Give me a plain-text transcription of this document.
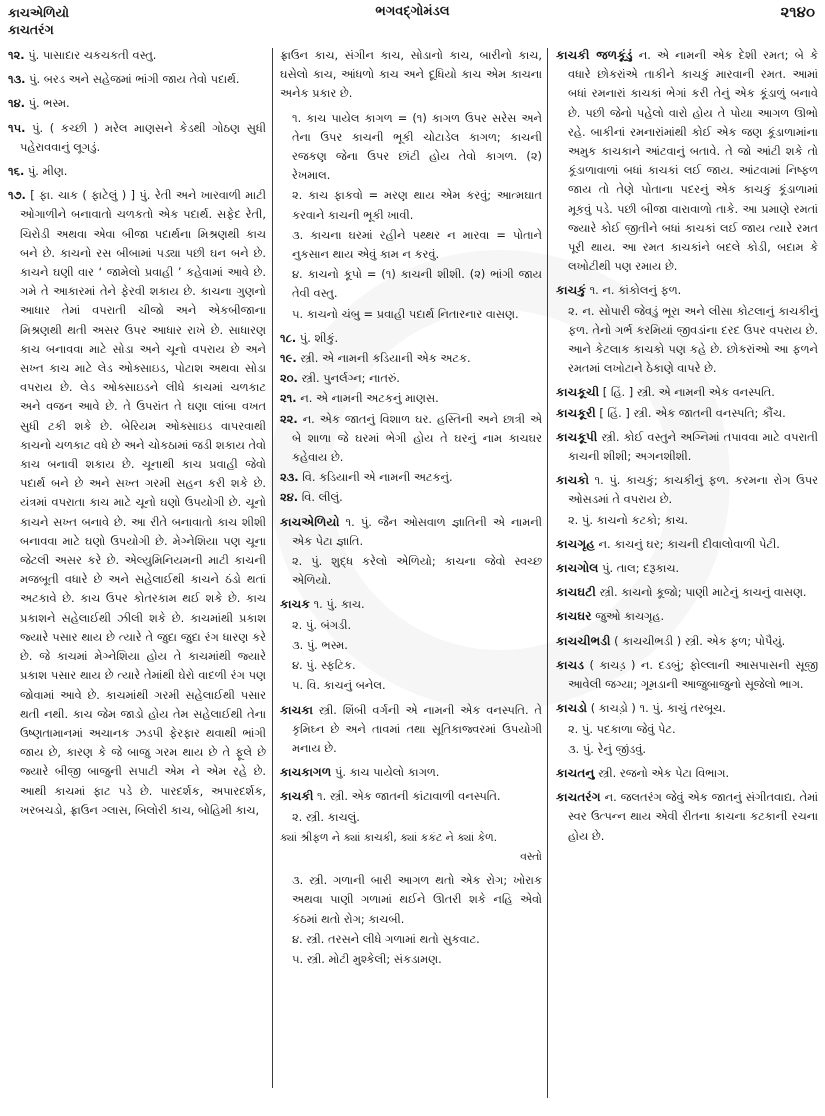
કાચએળિયો
કાચતરંગ
ભગવદ્ગોમંડલ	૨૧૪૦

૧૨. પું. પાસાદાર ચકચકતી વસ્તુ.

૧૩. પું. બરડ અને સહેજમાં ભાંગી જાય તેવો પદાર્થ.

૧૪. પું. ભસ્મ.

૧૫. પું. ( કચ્છી ) મરેલ માણસને કેડથી ગોઠણ સુધી પહેરાવવાનું લૂગડું.

૧૬. પું. મીણ.

૧૭. [ ફા. ચાક ( ફાટેલું ) ] પું. રેતી અને ખારવાળી માટી ઓગાળીને બનાવાતો ચળકતો એક પદાર્થ. સફેદ રેતી, ચિરોડી અથવા એવા બીજા પદાર્થના મિશ્રણથી કાચ બને છે. કાચનો રસ બીબામાં પડ્યા પછી ઘન બને છે. કાચને ઘણી વાર ‘ જામેલો પ્રવાહી ’ કહેવામાં આવે છે. ગમે તે આકારમાં તેને ફેરવી શકાય છે. કાચના ગુણનો આધાર તેમાં વપરાતી ચીજો અને એકબીજાના મિશ્રણથી થતી અસર ઉપર આધાર રાખે છે. સાધારણ કાચ બનાવવા માટે સોડા અને ચૂનો વપરાય છે અને સખ્ત કાચ માટે લેડ ઓક્સાઇડ, પોટાશ અથવા સોડા વપરાય છે. લેડ ઓક્સાઇડને લીધે કાચમાં ચળકાટ અને વજન આવે છે. તે ઉપરાંત તે ઘણા લાંબા વખત સુધી ટકી શકે છે. બેરિયમ ઓક્સાઇડ વાપરવાથી કાચનો ચળકાટ વધે છે અને ચોકઠામાં જડી શકાય તેવો કાચ બનાવી શકાય છે. ચૂનાથી કાચ પ્રવાહી જેવો પદાર્થ બને છે અને સખ્ત ગરમી સહન કરી શકે છે. યંત્રમાં વપરાતા કાચ માટે ચૂનો ઘણો ઉપયોગી છે. ચૂનો કાચને સખ્ત બનાવે છે. આ રીતે બનાવાતો કાચ શીશી બનાવવા માટે ઘણો ઉપયોગી છે. મેગ્નેશિયા પણ ચૂના જેટલી અસર કરે છે. એલ્યુમિનિયમની માટી કાચની મજબૂતી વધારે છે અને સહેલાઈથી કાચને ઠંડો થતાં અટકાવે છે. કાચ ઉપર કોતરકામ થઈ શકે છે. કાચ પ્રકાશને સહેલાઈથી ઝીલી શકે છે. કાચમાંથી પ્રકાશ જ્યારે પસાર થાય છે ત્યારે તે જુદા જુદા રંગ ધારણ કરે છે. જે કાચમાં મેગ્નેશિયા હોય તે કાચમાંથી જ્યારે પ્રકાશ પસાર થાય છે ત્યારે તેમાંથી ઘેરો વાદળી રંગ પણ જોવામાં આવે છે. કાચમાંથી ગરમી સહેલાઈથી પસાર થતી નથી. કાચ જેમ જાડો હોય તેમ સહેલાઈથી તેના ઉષ્ણતામાનમાં અચાનક ઝડપી ફેરફાર થવાથી ભાંગી જાય છે, કારણ કે જે બાજુ ગરમ થાય છે તે ફૂલે છે જ્યારે બીજી બાજુની સપાટી એમ ને એમ રહે છે. આથી કાચમાં ફાટ પડે છે. પારદર્શક, અપારદર્શક, ખરબચડો, ફ્રાઉન ગ્લાસ, બિલોરી કાચ, બોહિમી કાચ,

ફ્રાઉન કાચ, સંગીન કાચ, સોડાનો કાચ, બારીનો કાચ, ઘસેલો કાચ, આંધળો કાચ અને દૂધિયો કાચ એમ કાચના અનેક પ્રકાર છે.

૧. કાચ પાયેલ કાગળ = (૧) કાગળ ઉપર સરેસ અને તેના ઉપર કાચની ભૂકી ચોટાડેલ કાગળ; કાચની રજકણ જેના ઉપર છાંટી હોય તેવો કાગળ. (૨) રેખમાલ.

૨. કાચ ફાકવો = મરણ થાય એમ કરવું; આત્મઘાત કરવાને કાચની ભૂકી ખાવી.

૩. કાચના ઘરમાં રહીને પથ્થર ન મારવા = પોતાને નુકસાન થાય એવું કામ ન કરવું.

૪. કાચનો કૂપો = (૧) કાચની શીશી. (૨) ભાંગી જાય તેવી વસ્તુ.

૫. કાચનો ચંબુ = પ્રવાહી પદાર્થ નિતારનાર વાસણ.

૧૮. પું. શીકું.

૧૯. સ્ત્રી. એ નામની કડિયાની એક અટક.

૨૦. સ્ત્રી. પુનર્લગ્ન; નાતરું.

૨૧. ન. એ નામની અટકનું માણસ.

૨૨. ન. એક જાતનું વિશાળ ઘર. હસ્તિની અને છાત્રી એ બે શાળા જે ઘરમાં ભેગી હોય તે ઘરનું નામ કાચઘર કહેવાય છે.

૨૩. વિ. કડિયાની એ નામની અટકનું.

૨૪. વિ. લીલું.

કાચએળિયો ૧. પું. જૈન ઓસવાળ જ્ઞાતિની એ નામની એક પેટા જ્ઞાતિ.

૨. પું. શુદ્ધ કરેલો એળિયો; કાચના જેવો સ્વચ્છ એળિયો.

કાચક ૧. પું. કાચ.

૨. પું. બંગડી.

૩. પું. ભસ્મ.

૪. પું. સ્ફટિક.

૫. વિ. કાચનું બનેલ.

કાચકા સ્ત્રી. શિંબી વર્ગની એ નામની એક વનસ્પતિ. તે કૃમિઘ્ન છે અને તાવમાં તથા સૂતિકાજ્વરમાં ઉપયોગી મનાય છે.

કાચકાગળ પું. કાચ પાયેલો કાગળ.

કાચકી ૧. સ્ત્રી. એક જાતની કાંટાવાળી વનસ્પતિ.

૨. સ્ત્રી. કાચલું.

ક્યાં શ્રીફળ ને ક્યાં કાચકી, ક્યાં કકંટ ને ક્યાં કેળ.

વસ્તો

૩. સ્ત્રી. ગળાની બારી આગળ થતો એક રોગ; ખોરાક અથવા પાણી ગળામાં થઈને ઊતરી શકે નહિ એવો કંઠમાં થતો રોગ; કાચબી.

૪. સ્ત્રી. તરસને લીધે ગળામાં થતો સુકવાટ.

૫. સ્ત્રી. મોટી મુશ્કેલી; સંકડામણ.

કાચકી જળકૂંડું ન. એ નામની એક દેશી રમત; બે કે વધારે છોકરાંએ તાકીને કાચકું મારવાની રમત. આમાં બધાં રમનારાં કાચકાં ભેગાં કરી તેનું એક કૂંડાળું બનાવે છે. પછી જેનો પહેલો વારો હોય તે પોયા આગળ ઊભો રહે. બાકીનાં રમનારાંમાંથી કોઈ એક જણ કૂંડાળામાંના અમુક કાચકાને આંટવાનું બતાવે. તે જો આંટી શકે તો કૂંડાળાવાળાં બધાં કાચકાં લઈ જાય. આંટવામાં નિષ્ફળ જાય તો તેણે પોતાના પદરનું એક કાચકું કૂંડાળામાં મૂકવું પડે. પછી બીજા વારાવાળો તાકે. આ પ્રમાણે રમતાં જ્યારે કોઈ જીતીને બધાં કાચકાં લઈ જાય ત્યારે રમત પૂરી થાય. આ રમત કાચકાંને બદલે કોડી, બદામ કે લખોટીથી પણ રમાય છે.

કાચકું ૧. ન. કાંકોલનું ફળ.

૨. ન. સોપારી જેવડું ભૂરા અને લીસા કોટલાનું કાચકીનું ફળ. તેનો ગર્ભ કરમિયાં જીવડાંના દરદ ઉપર વપરાય છે. આને કેટલાક કાચકો પણ કહે છે. છોકરાંઓ આ ફળને રમતમાં લખોટાને ઠેકાણે વાપરે છે.

કાચકૂચી [ હિં. ] સ્ત્રી. એ નામની એક વનસ્પતિ.

કાચકૂરી [ હિં. ] સ્ત્રી. એક જાતની વનસ્પતિ; કૌંચ.

કાચકૂપી સ્ત્રી. કોઈ વસ્તુને અગ્નિમાં તપાવવા માટે વપરાતી કાચની શીશી; અગનશીશી.

કાચકો ૧. પું. કાચકું; કાચકીનું ફળ. કરમના રોગ ઉપર ઓસડમાં તે વપરાય છે.

૨. પું. કાચનો કટકો; કાચ.

કાચગૃહ ન. કાચનું ઘર; કાચની દીવાલોવાળી પેટી.

કાચગોલ પું. તાલ; દરૂકાચ.

કાચઘટી સ્ત્રી. કાચનો કૂજો; પાણી માટેનું કાચનું વાસણ.

કાચઘર જુઓ કાચગૃહ.

કાચચીભડી ( કાચચીભડી ) સ્ત્રી. એક ફળ; પોપૈયું.

કાચડ ( કાચડ઼ ) ન. દડબું; ફોલ્લાની આસપાસની સૂજી આવેલી જગ્યા; ગૂમડાની આજુબાજુનો સૂજેલો ભાગ.

કાચડો ( કાચડ઼ો ) ૧. પું. કાચું તરબૂચ.

૨. પું. પદકાળા જેવું પેટ.

૩. પું. રેનું જીંડવું.

કાચતનુ સ્ત્રી. રજનો એક પેટા વિભાગ.

કાચતરંગ ન. જલતરંગ જેવું એક જાતનું સંગીતવાદ્ય. તેમાં સ્વર ઉત્પન્ન થાય એવી રીતના કાચના કટકાની રચના હોય છે.
